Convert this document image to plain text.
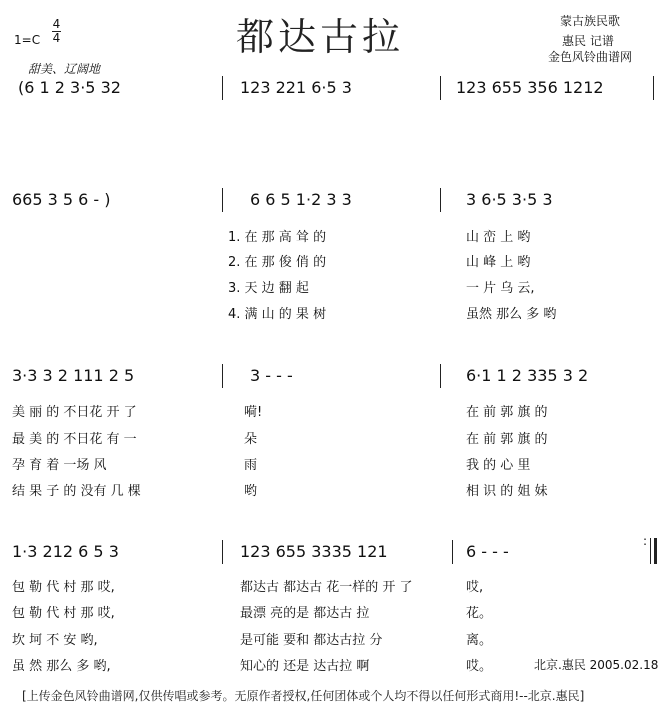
1=C
4
4	都达古拉	蒙古族民歌
惠民 记谱
金色风铃曲谱网
甜美、辽阔地
(6 1 2 3·5 32	123 221 6·5 3	123 655 356 1212
665 3 5 6 - )	6 6 5 1·2 3 3	3 6·5 3·5 3
1. 在 那 高 耸 的	山 峦 上 哟
2. 在 那 俊 俏 的	山 峰 上 哟
3. 天 边 翻 起	一 片 乌 云,
4. 满 山 的 果 树	虽然 那么 多 哟
3·3 3 2 111 2 5	3 - - -	6·1 1 2 335 3 2
美 丽 的 不日花 开 了	嗬!	在 前 郭 旗 的
最 美 的 不日花 有 一	朵	在 前 郭 旗 的
孕 育 着 一场 风	雨	我 的 心 里
结 果 子 的 没有 几 棵	哟	相 识 的 姐 妹
1·3 212 6 5 3	123 655 3335 121	6 - - -
:
包 勒 代 村 那 哎,	都达古 都达古 花一样的 开 了	哎,
包 勒 代 村 那 哎,	最漂 亮的是 都达古 拉	花。
坎 坷 不 安 哟,	是可能 要和 都达古拉 分	离。
虽 然 那么 多 哟,	知心的 还是 达古拉 啊	哎。	北京.惠民 2005.02.18
[上传金色风铃曲谱网,仅供传唱或参考。无原作者授权,任何团体或个人均不得以任何形式商用!--北京.惠民]
